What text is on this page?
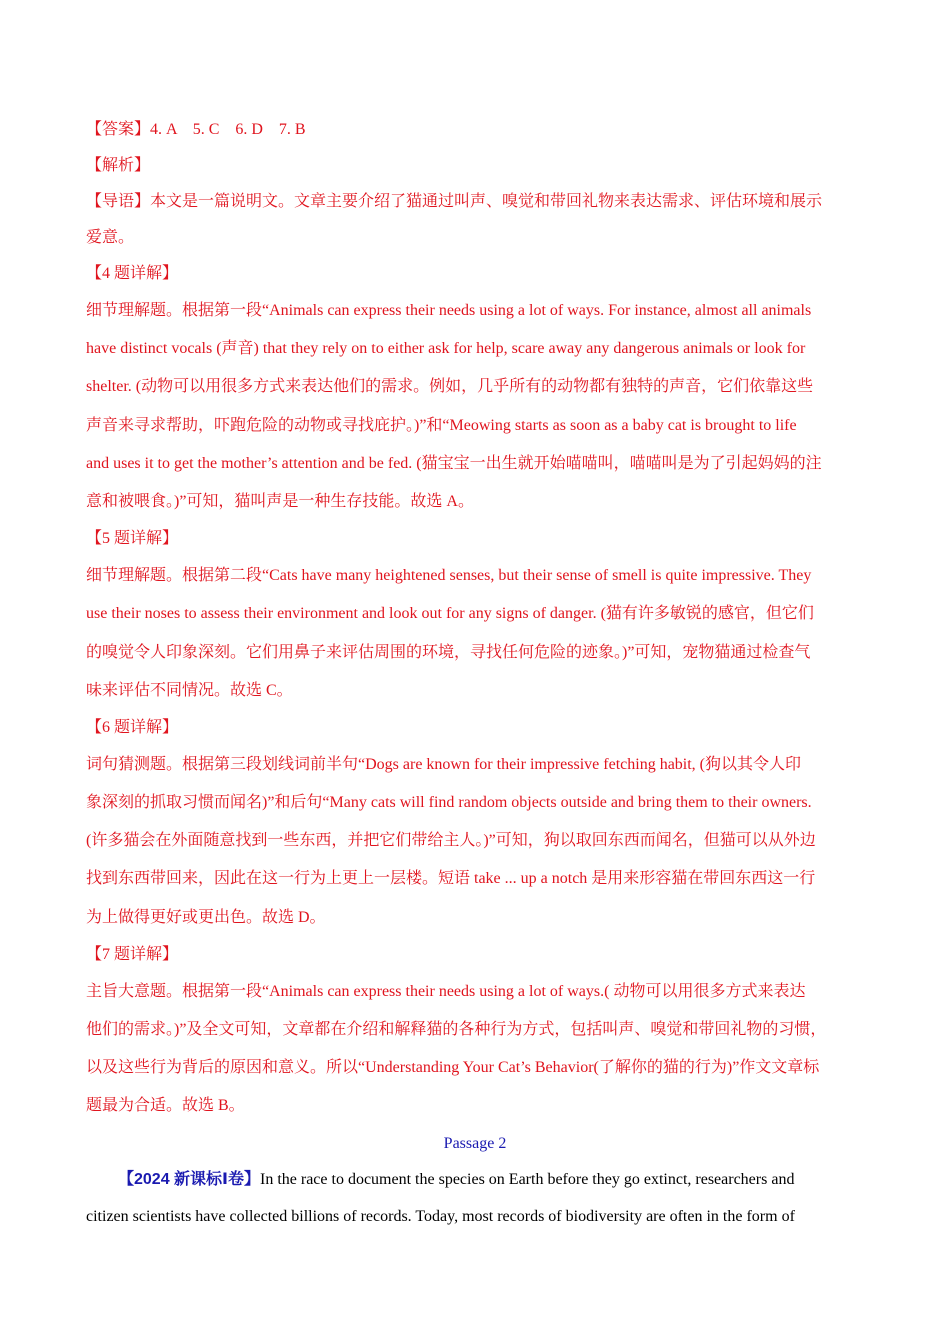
【答案】4. A    5. C    6. D    7. B
【解析】
【导语】本文是一篇说明文。文章主要介绍了猫通过叫声、嗅觉和带回礼物来表达需求、评估环境和展示
爱意。
【4 题详解】
细节理解题。根据第一段“Animals can express their needs using a lot of ways. For instance, almost all animals
have distinct vocals (声音) that they rely on to either ask for help, scare away any dangerous animals or look for
shelter. (动物可以用很多方式来表达他们的需求。例如，几乎所有的动物都有独特的声音，它们依靠这些
声音来寻求帮助，吓跑危险的动物或寻找庇护。)”和“Meowing starts as soon as a baby cat is brought to life
and uses it to get the mother’s attention and be fed. (猫宝宝一出生就开始喵喵叫，喵喵叫是为了引起妈妈的注
意和被喂食。)”可知，猫叫声是一种生存技能。故选 A。
【5 题详解】
细节理解题。根据第二段“Cats have many heightened senses, but their sense of smell is quite impressive. They
use their noses to assess their environment and look out for any signs of danger. (猫有许多敏锐的感官，但它们
的嗅觉令人印象深刻。它们用鼻子来评估周围的环境，寻找任何危险的迹象。)”可知，宠物猫通过检查气
味来评估不同情况。故选 C。
【6 题详解】
词句猜测题。根据第三段划线词前半句“Dogs are known for their impressive fetching habit, (狗以其令人印
象深刻的抓取习惯而闻名)”和后句“Many cats will find random objects outside and bring them to their owners.
(许多猫会在外面随意找到一些东西，并把它们带给主人。)”可知，狗以取回东西而闻名，但猫可以从外边
找到东西带回来，因此在这一行为上更上一层楼。短语 take ... up a notch 是用来形容猫在带回东西这一行
为上做得更好或更出色。故选 D。
【7 题详解】
主旨大意题。根据第一段“Animals can express their needs using a lot of ways.( 动物可以用很多方式来表达
他们的需求。)”及全文可知，文章都在介绍和解释猫的各种行为方式，包括叫声、嗅觉和带回礼物的习惯，
以及这些行为背后的原因和意义。所以“Understanding Your Cat’s Behavior(了解你的猫的行为)”作文文章标
题最为合适。故选 B。
Passage 2
【2024 新课标Ⅰ卷】In the race to document the species on Earth before they go extinct, researchers and
citizen scientists have collected billions of records. Today, most records of biodiversity are often in the form of
